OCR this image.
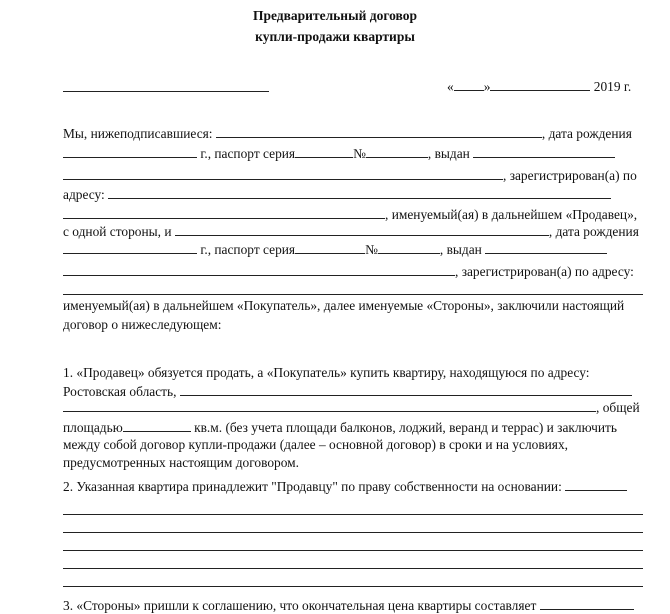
Предварительный договор
купли-продажи квартиры
« »	2019 г.
Мы, нижеподписавшиеся:	, дата рождения
г., паспорт серия	№	, выдан
, зарегистрирован(а) по
адресу:
, именуемый(ая) в дальнейшем «Продавец»,
с одной стороны, и	, дата рождения
г., паспорт серия	№	, выдан
, зарегистрирован(а) по адресу:
именуемый(ая) в дальнейшем «Покупатель», далее именуемые «Стороны», заключили настоящий
договор о нижеследующем:
1. «Продавец» обязуется продать, а «Покупатель» купить квартиру, находящуюся по адресу:
Ростовская область,
, общей
площадью	кв.м. (без учета площади балконов, лоджий, веранд и террас) и заключить
между собой договор купли-продажи (далее – основной договор) в сроки и на условиях,
предусмотренных настоящим договором.
2. Указанная квартира принадлежит "Продавцу" по праву собственности на основании:
3. «Стороны» пришли к соглашению, что окончательная цена квартиры составляет
